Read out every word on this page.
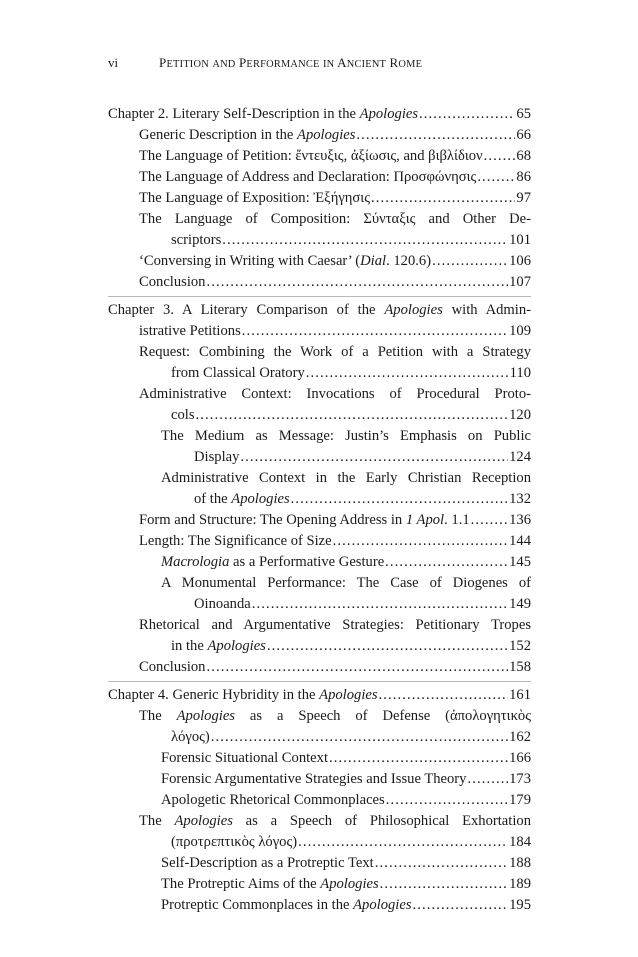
vi	PETITION AND PERFORMANCE IN ANCIENT ROME
Chapter 2. Literary Self-Description in the Apologies .....	65
Generic Description in the Apologies .....	66
The Language of Petition: ἔντευξις, ἀξίωσις, and βιβλίδιον ..... 68
The Language of Address and Declaration: Προσφώνησις .....	86
The Language of Exposition: Ἐξήγησις .....	97
The Language of Composition: Σύνταξις and Other De-
scriptors .....	101
‘Conversing in Writing with Caesar’ (Dial. 120.6) .....	106
Conclusion .....	107
Chapter 3. A Literary Comparison of the Apologies with Admin-
istrative Petitions .....	109
Request: Combining the Work of a Petition with a Strategy
from Classical Oratory .....	110
Administrative Context: Invocations of Procedural Proto-
cols .....	120
The Medium as Message: Justin’s Emphasis on Public
Display .....	124
Administrative Context in the Early Christian Reception
of the Apologies .....	132
Form and Structure: The Opening Address in 1 Apol. 1.1 .....	136
Length: The Significance of Size .....	144
Macrologia as a Performative Gesture .....	145
A Monumental Performance: The Case of Diogenes of
Oinoanda .....	149
Rhetorical and Argumentative Strategies: Petitionary Tropes
in the Apologies .....	152
Conclusion .....	158
Chapter 4. Generic Hybridity in the Apologies .....	161
The Apologies as a Speech of Defense (ἀπολογητικὸς
λόγος) .....	162
Forensic Situational Context .....	166
Forensic Argumentative Strategies and Issue Theory .....	173
Apologetic Rhetorical Commonplaces .....	179
The Apologies as a Speech of Philosophical Exhortation
(προτρεπτικὸς λόγος) .....	184
Self-Description as a Protreptic Text .....	188
The Protreptic Aims of the Apologies .....	189
Protreptic Commonplaces in the Apologies .....	195
